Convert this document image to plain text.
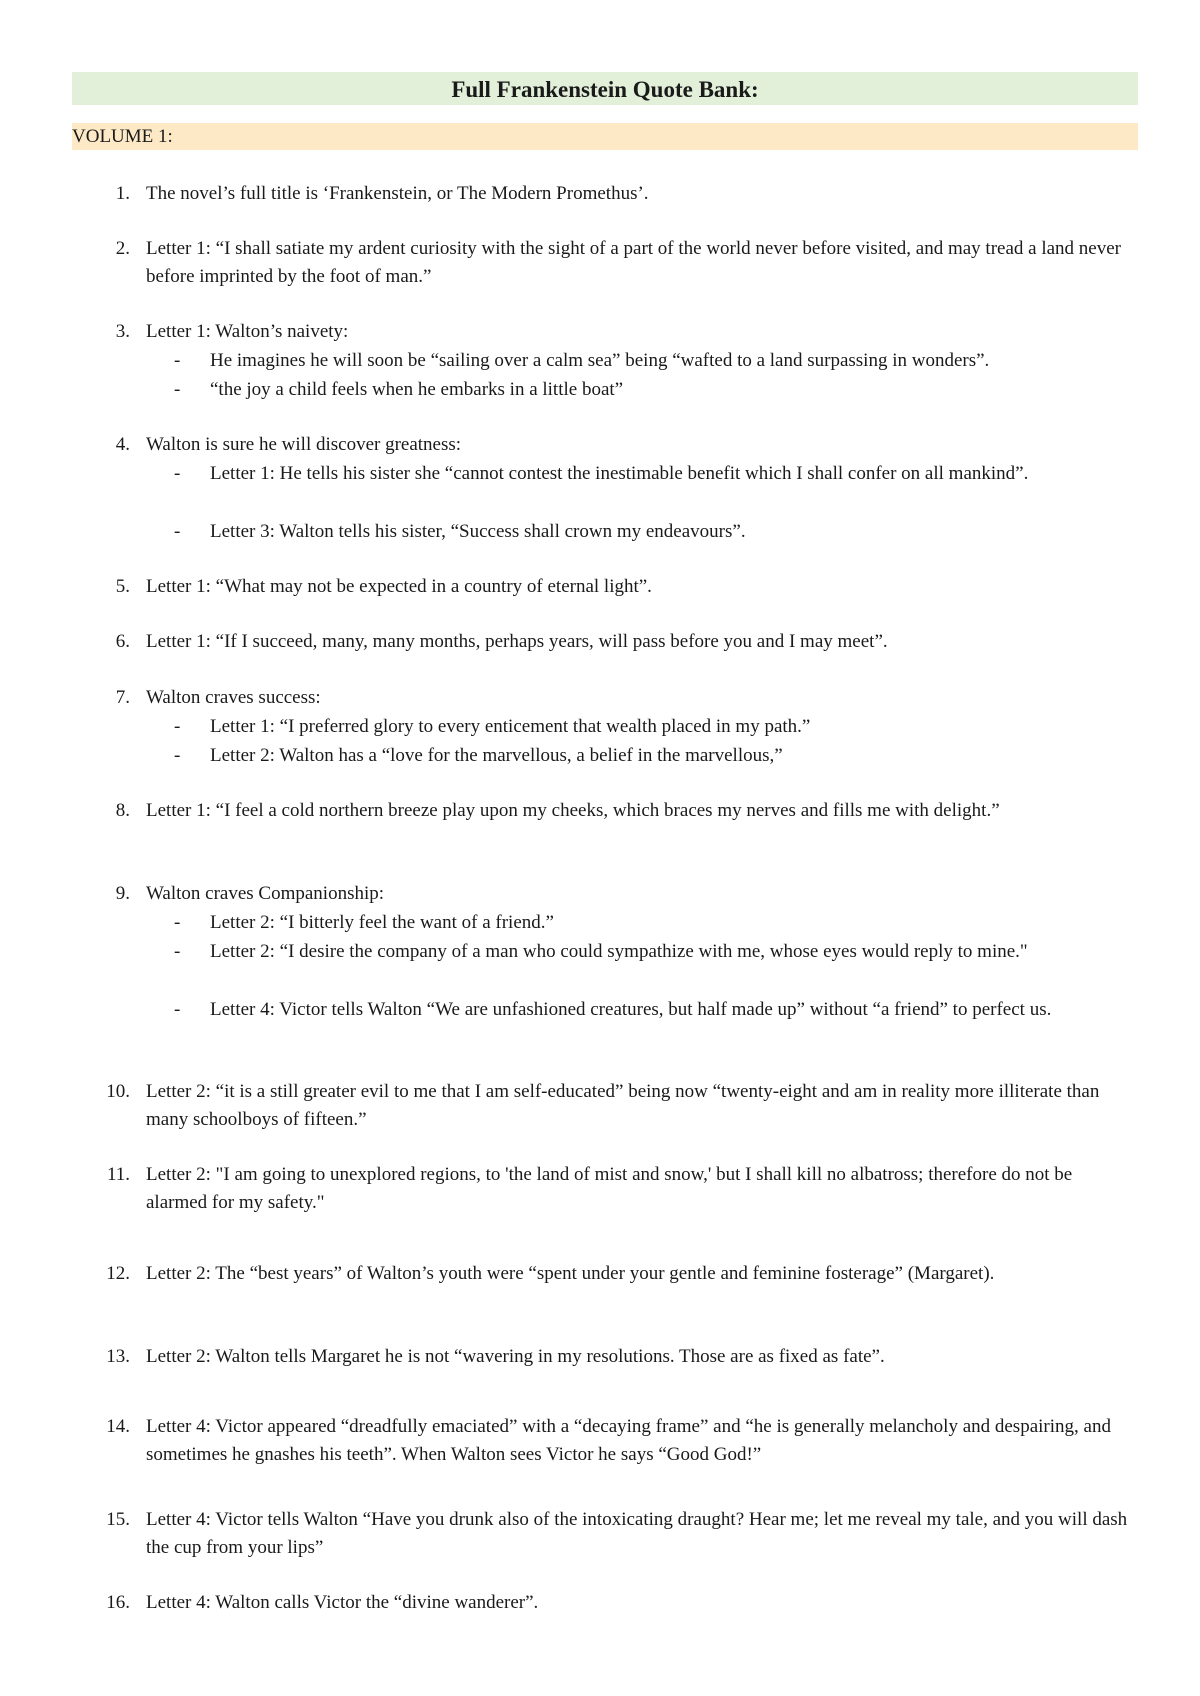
Full Frankenstein Quote Bank:
VOLUME 1:
1. The novel’s full title is ‘Frankenstein, or The Modern Promethus’.
2. Letter 1: “I shall satiate my ardent curiosity with the sight of a part of the world never before visited, and may tread a land never before imprinted by the foot of man.”
3. Letter 1: Walton’s naivety:
- He imagines he will soon be “sailing over a calm sea” being “wafted to a land surpassing in wonders”.
- “the joy a child feels when he embarks in a little boat”
4. Walton is sure he will discover greatness:
- Letter 1: He tells his sister she “cannot contest the inestimable benefit which I shall confer on all mankind”.
- Letter 3: Walton tells his sister, “Success shall crown my endeavours”.
5. Letter 1: “What may not be expected in a country of eternal light”.
6. Letter 1: “If I succeed, many, many months, perhaps years, will pass before you and I may meet”.
7. Walton craves success:
- Letter 1: “I preferred glory to every enticement that wealth placed in my path.”
- Letter 2: Walton has a “love for the marvellous, a belief in the marvellous,”
8. Letter 1: “I feel a cold northern breeze play upon my cheeks, which braces my nerves and fills me with delight.”
9. Walton craves Companionship:
- Letter 2: “I bitterly feel the want of a friend.”
- Letter 2: “I desire the company of a man who could sympathize with me, whose eyes would reply to mine."
- Letter 4: Victor tells Walton “We are unfashioned creatures, but half made up” without “a friend” to perfect us.
10. Letter 2: “it is a still greater evil to me that I am self-educated” being now “twenty-eight and am in reality more illiterate than many schoolboys of fifteen.”
11. Letter 2: "I am going to unexplored regions, to 'the land of mist and snow,' but I shall kill no albatross; therefore do not be alarmed for my safety."
12. Letter 2: The “best years” of Walton’s youth were “spent under your gentle and feminine fosterage” (Margaret).
13. Letter 2: Walton tells Margaret he is not “wavering in my resolutions. Those are as fixed as fate”.
14. Letter 4: Victor appeared “dreadfully emaciated” with a “decaying frame” and “he is generally melancholy and despairing, and sometimes he gnashes his teeth”. When Walton sees Victor he says “Good God!”
15. Letter 4: Victor tells Walton “Have you drunk also of the intoxicating draught? Hear me; let me reveal my tale, and you will dash the cup from your lips”
16. Letter 4: Walton calls Victor the “divine wanderer”.
